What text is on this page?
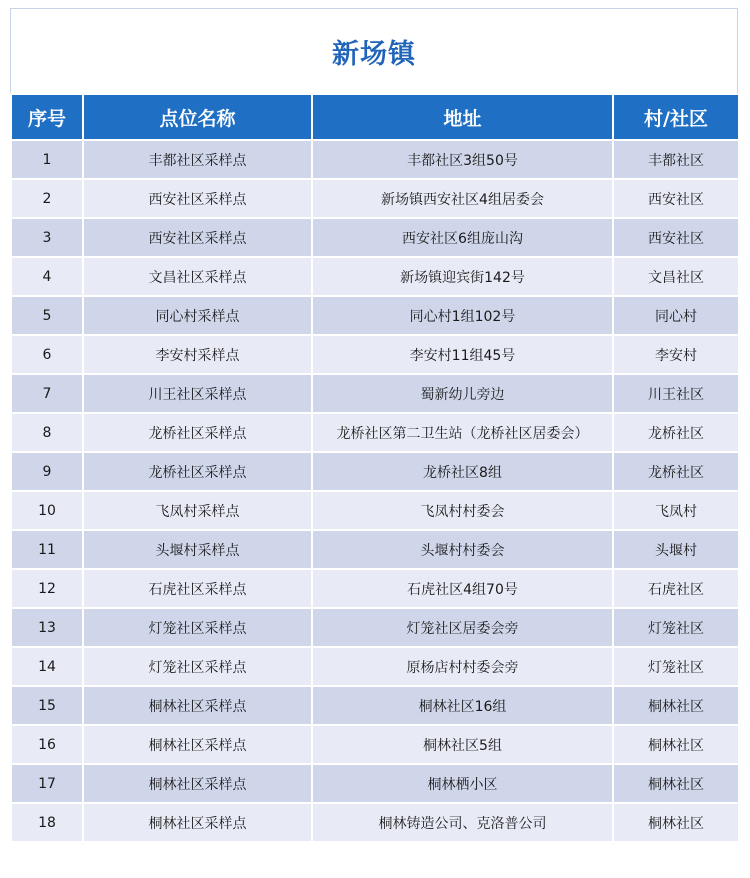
新场镇
序号	点位名称	地址	村/社区
1	丰都社区采样点	丰都社区3组50号	丰都社区
2	西安社区采样点	新场镇西安社区4组居委会	西安社区
3	西安社区采样点	西安社区6组庞山沟	西安社区
4	文昌社区采样点	新场镇迎宾街142号	文昌社区
5	同心村采样点	同心村1组102号	同心村
6	李安村采样点	李安村11组45号	李安村
7	川王社区采样点	蜀新幼儿旁边	川王社区
8	龙桥社区采样点	龙桥社区第二卫生站（龙桥社区居委会）	龙桥社区
9	龙桥社区采样点	龙桥社区8组	龙桥社区
10	飞凤村采样点	飞凤村村委会	飞凤村
11	头堰村采样点	头堰村村委会	头堰村
12	石虎社区采样点	石虎社区4组70号	石虎社区
13	灯笼社区采样点	灯笼社区居委会旁	灯笼社区
14	灯笼社区采样点	原杨店村村委会旁	灯笼社区
15	桐林社区采样点	桐林社区16组	桐林社区
16	桐林社区采样点	桐林社区5组	桐林社区
17	桐林社区采样点	桐林栖小区	桐林社区
18	桐林社区采样点	桐林铸造公司、克洛普公司	桐林社区
